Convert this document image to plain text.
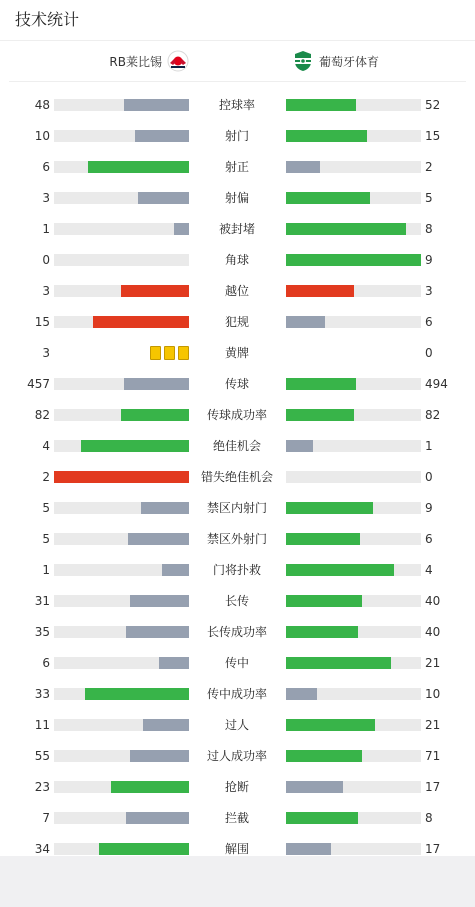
技术统计
RB莱比锡	葡萄牙体育
48	控球率	52
10	射门	15
6	射正	2
3	射偏	5
1	被封堵	8
0	角球	9
3	越位	3
15	犯规	6
3	黄牌	0
457	传球	494
82	传球成功率	82
4	绝佳机会	1
2	错失绝佳机会	0
5	禁区内射门	9
5	禁区外射门	6
1	门将扑救	4
31	长传	40
35	长传成功率	40
6	传中	21
33	传中成功率	10
11	过人	21
55	过人成功率	71
23	抢断	17
7	拦截	8
34	解围	17
